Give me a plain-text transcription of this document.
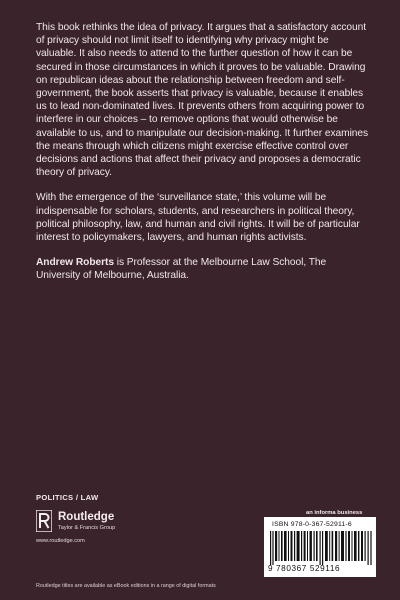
This book rethinks the idea of privacy. It argues that a satisfactory account of privacy should not limit itself to identifying why privacy might be valuable. It also needs to attend to the further question of how it can be secured in those circumstances in which it proves to be valuable. Drawing on republican ideas about the relationship between freedom and self-government, the book asserts that privacy is valuable, because it enables us to lead non-dominated lives. It prevents others from acquiring power to interfere in our choices – to remove options that would otherwise be available to us, and to manipulate our decision-making. It further examines the means through which citizens might exercise effective control over decisions and actions that affect their privacy and proposes a democratic theory of privacy.

With the emergence of the ‘surveillance state,’ this volume will be indispensable for scholars, students, and researchers in political theory, political philosophy, law, and human and civil rights. It will be of particular interest to policymakers, lawyers, and human rights activists.

Andrew Roberts is Professor at the Melbourne Law School, The University of Melbourne, Australia.

POLITICS / LAW
Routledge
Taylor & Francis Group
www.routledge.com
an informa business
ISBN 978-0-367-52911-6
9 780367 529116
Routledge titles are available as eBook editions in a range of digital formats
